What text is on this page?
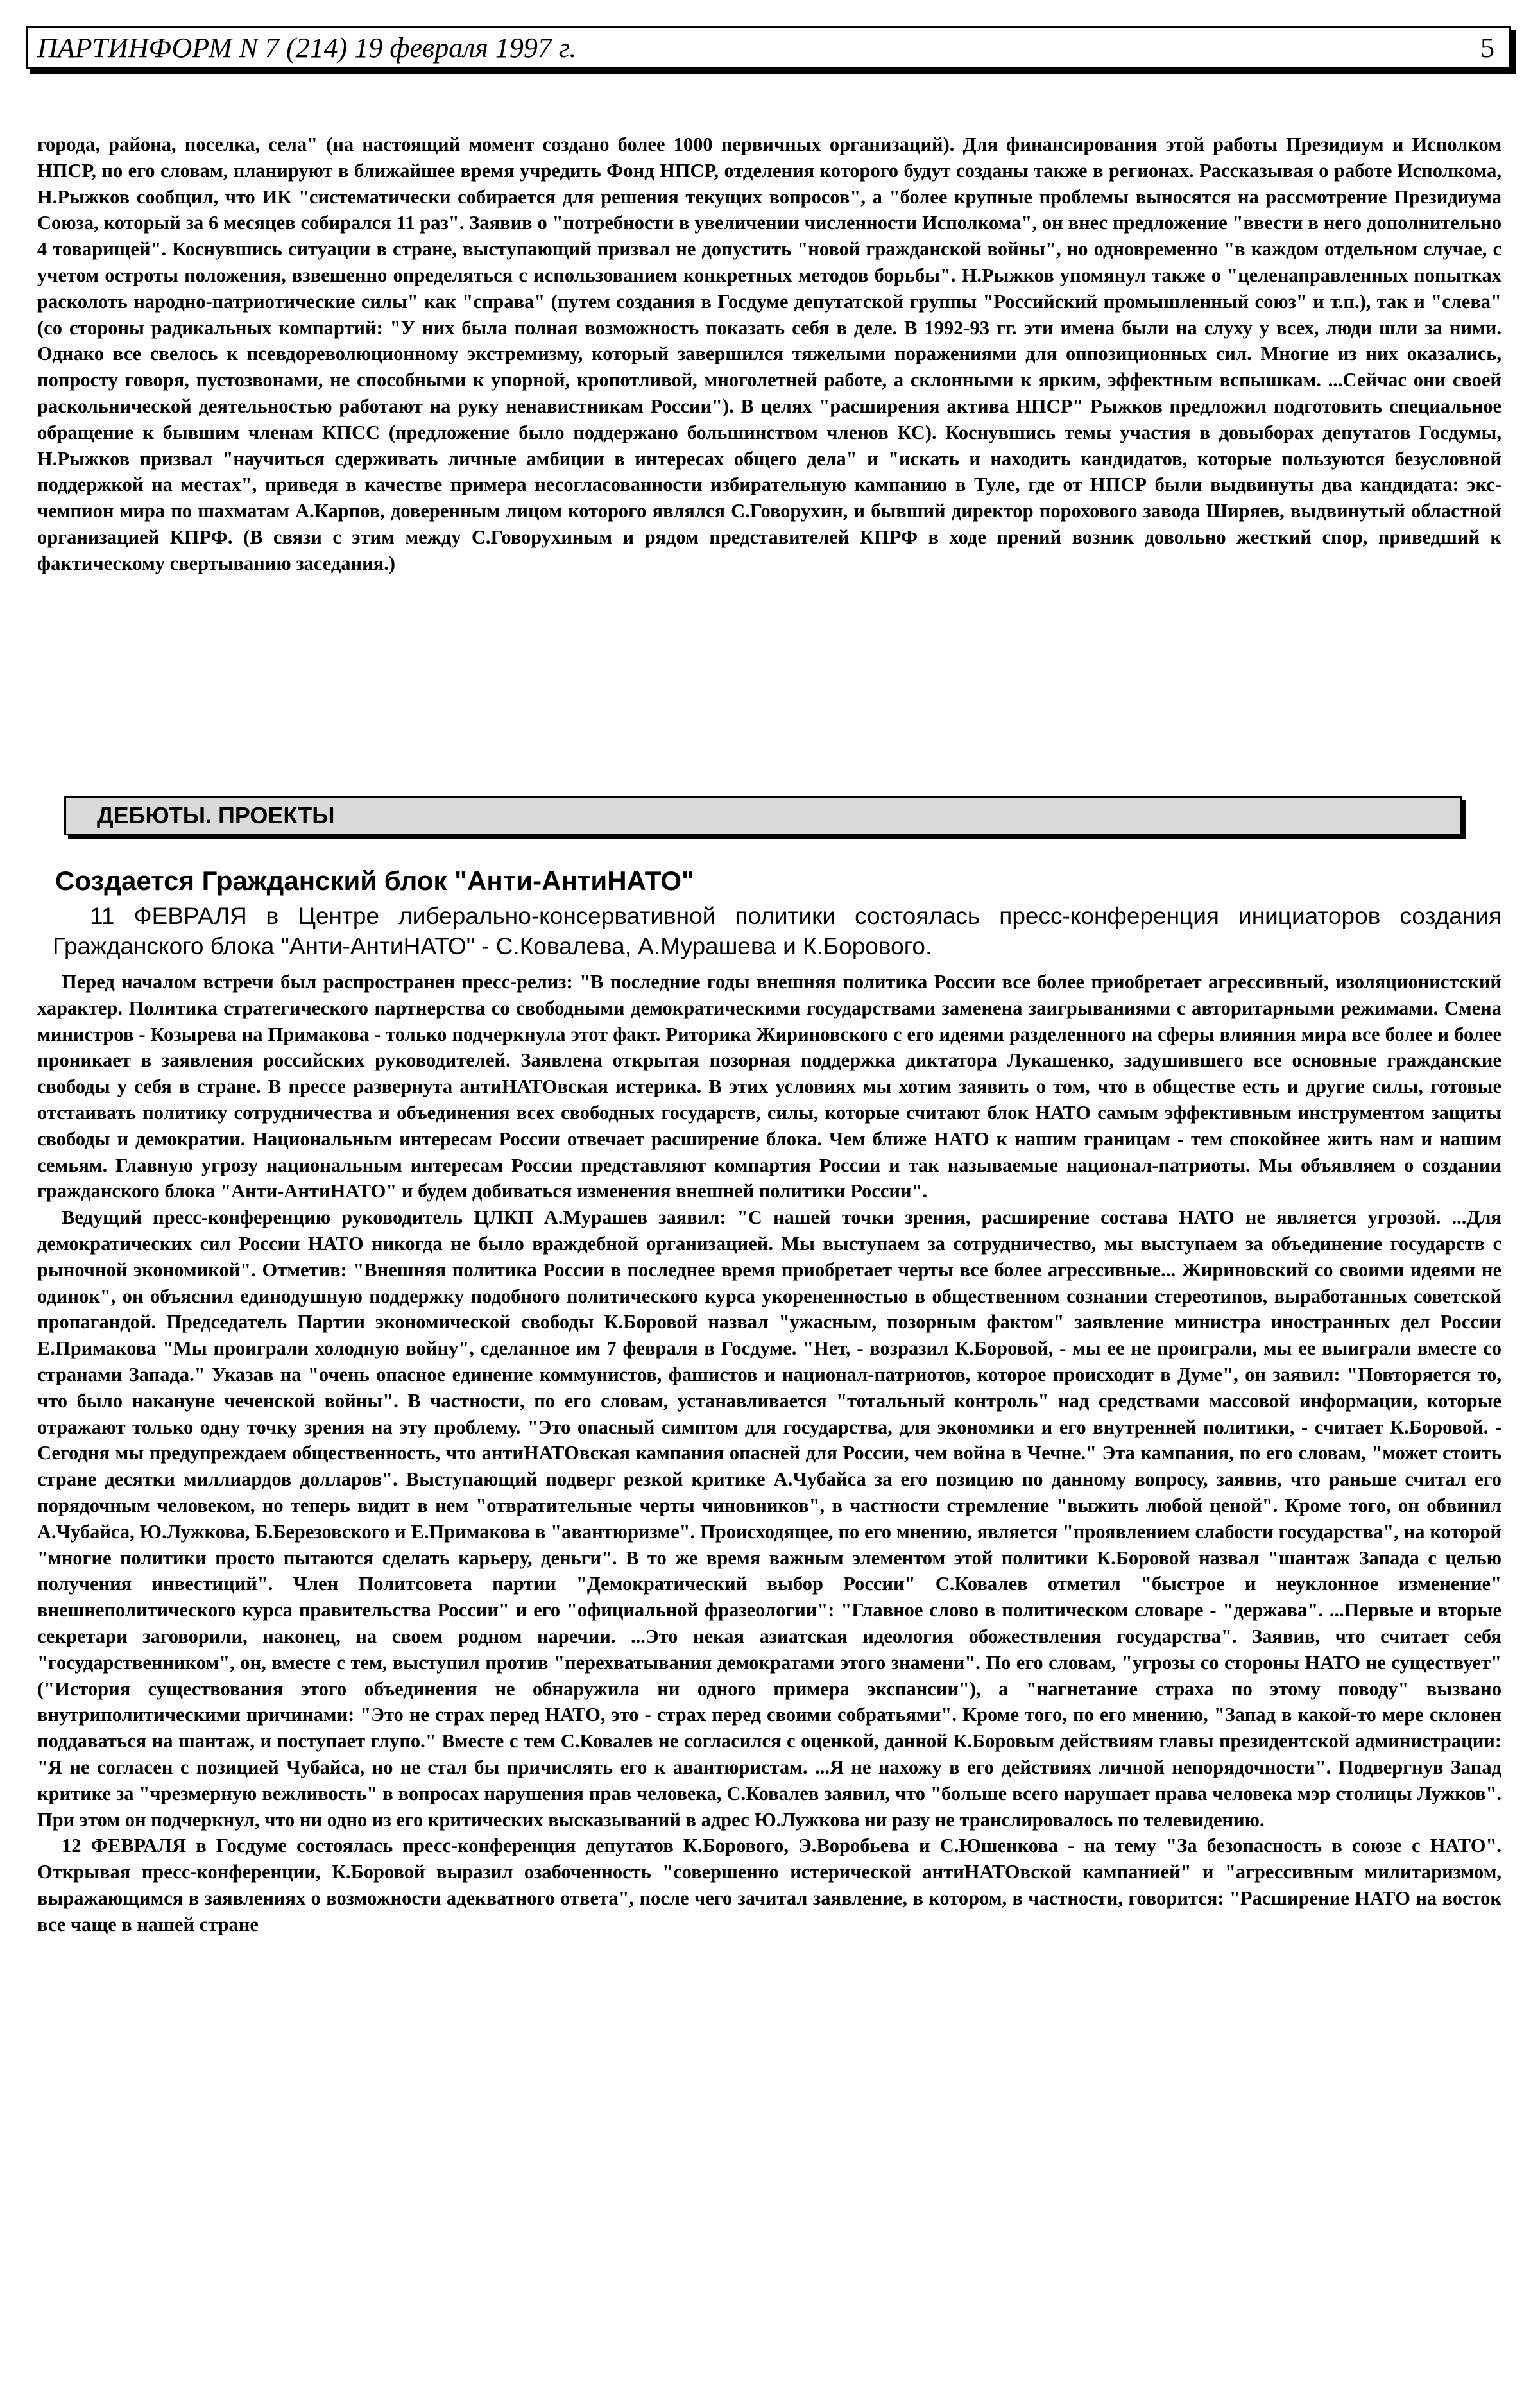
ПАРТИНФОРМ N 7 (214) 19 февраля 1997 г.	5

города, района, поселка, села" (на настоящий момент создано более 1000 первичных организаций). Для финансирования этой работы Президиум и Исполком НПСР, по его словам, планируют в ближайшее время учредить Фонд НПСР, отделения которого будут созданы также в регионах. Рассказывая о работе Исполкома, Н.Рыжков сообщил, что ИК "систематически собирается для решения текущих вопросов", а "более крупные проблемы выносятся на рассмотрение Президиума Союза, который за 6 месяцев собирался 11 раз". Заявив о "потребности в увеличении численности Исполкома", он внес предложение "ввести в него дополнительно 4 товарищей". Коснувшись ситуации в стране, выступающий призвал не допустить "новой гражданской войны", но одновременно "в каждом отдельном случае, с учетом остроты положения, взвешенно определяться с использованием конкретных методов борьбы". Н.Рыжков упомянул также о "целенаправленных попытках расколоть народно-патриотические силы" как "справа" (путем создания в Госдуме депутатской группы "Российский промышленный союз" и т.п.), так и "слева" (со стороны радикальных компартий: "У них была полная возможность показать себя в деле. В 1992-93 гг. эти имена были на слуху у всех, люди шли за ними. Однако все свелось к псевдореволюционному экстремизму, который завершился тяжелыми поражениями для оппозиционных сил. Многие из них оказались, попросту говоря, пустозвонами, не способными к упорной, кропотливой, многолетней работе, а склонными к ярким, эффектным вспышкам. ...Сейчас они своей раскольнической деятельностью работают на руку ненавистникам России"). В целях "расширения актива НПСР" Рыжков предложил подготовить специальное обращение к бывшим членам КПСС (предложение было поддержано большинством членов КС). Коснувшись темы участия в довыборах депутатов Госдумы, Н.Рыжков призвал "научиться сдерживать личные амбиции в интересах общего дела" и "искать и находить кандидатов, которые пользуются безусловной поддержкой на местах", приведя в качестве примера несогласованности избирательную кампанию в Туле, где от НПСР были выдвинуты два кандидата: экс-чемпион мира по шахматам А.Карпов, доверенным лицом которого являлся С.Говорухин, и бывший директор порохового завода Ширяев, выдвинутый областной организацией КПРФ. (В связи с этим между С.Говорухиным и рядом представителей КПРФ в ходе прений возник довольно жесткий спор, приведший к фактическому свертыванию заседания.)

ДЕБЮТЫ. ПРОЕКТЫ
Создается Гражданский блок "Анти-АнтиНАТО"
11 ФЕВРАЛЯ в Центре либерально-консервативной политики состоялась пресс-конференция инициаторов создания Гражданского блока "Анти-АнтиНАТО" - С.Ковалева, А.Мурашева и К.Борового.

Перед началом встречи был распространен пресс-релиз: "В последние годы внешняя политика России все более приобретает агрессивный, изоляционистский характер. Политика стратегического партнерства со свободными демократическими государствами заменена заигрываниями с авторитарными режимами. Смена министров - Козырева на Примакова - только подчеркнула этот факт. Риторика Жириновского с его идеями разделенного на сферы влияния мира все более и более проникает в заявления российских руководителей. Заявлена открытая позорная поддержка диктатора Лукашенко, задушившего все основные гражданские свободы у себя в стране. В прессе развернута антиНАТОвская истерика. В этих условиях мы хотим заявить о том, что в обществе есть и другие силы, готовые отстаивать политику сотрудничества и объединения всех свободных государств, силы, которые считают блок НАТО самым эффективным инструментом защиты свободы и демократии. Национальным интересам России отвечает расширение блока. Чем ближе НАТО к нашим границам - тем спокойнее жить нам и нашим семьям. Главную угрозу национальным интересам России представляют компартия России и так называемые национал-патриоты. Мы объявляем о создании гражданского блока "Анти-АнтиНАТО" и будем добиваться изменения внешней политики России".

Ведущий пресс-конференцию руководитель ЦЛКП А.Мурашев заявил: "С нашей точки зрения, расширение состава НАТО не является угрозой. ...Для демократических сил России НАТО никогда не было враждебной организацией. Мы выступаем за сотрудничество, мы выступаем за объединение государств с рыночной экономикой". Отметив: "Внешняя политика России в последнее время приобретает черты все более агрессивные... Жириновский со своими идеями не одинок", он объяснил единодушную поддержку подобного политического курса укорененностью в общественном сознании стереотипов, выработанных советской пропагандой. Председатель Партии экономической свободы К.Боровой назвал "ужасным, позорным фактом" заявление министра иностранных дел России Е.Примакова "Мы проиграли холодную войну", сделанное им 7 февраля в Госдуме. "Нет, - возразил К.Боровой, - мы ее не проиграли, мы ее выиграли вместе со странами Запада." Указав на "очень опасное единение коммунистов, фашистов и национал-патриотов, которое происходит в Думе", он заявил: "Повторяется то, что было накануне чеченской войны". В частности, по его словам, устанавливается "тотальный контроль" над средствами массовой информации, которые отражают только одну точку зрения на эту проблему. "Это опасный симптом для государства, для экономики и его внутренней политики, - считает К.Боровой. - Сегодня мы предупреждаем общественность, что антиНАТОвская кампания опасней для России, чем война в Чечне." Эта кампания, по его словам, "может стоить стране десятки миллиардов долларов". Выступающий подверг резкой критике А.Чубайса за его позицию по данному вопросу, заявив, что раньше считал его порядочным человеком, но теперь видит в нем "отвратительные черты чиновников", в частности стремление "выжить любой ценой". Кроме того, он обвинил А.Чубайса, Ю.Лужкова, Б.Березовского и Е.Примакова в "авантюризме". Происходящее, по его мнению, является "проявлением слабости государства", на которой "многие политики просто пытаются сделать карьеру, деньги". В то же время важным элементом этой политики К.Боровой назвал "шантаж Запада с целью получения инвестиций". Член Политсовета партии "Демократический выбор России" С.Ковалев отметил "быстрое и неуклонное изменение" внешнеполитического курса правительства России" и его "официальной фразеологии": "Главное слово в политическом словаре - "держава". ...Первые и вторые секретари заговорили, наконец, на своем родном наречии. ...Это некая азиатская идеология обожествления государства". Заявив, что считает себя "государственником", он, вместе с тем, выступил против "перехватывания демократами этого знамени". По его словам, "угрозы со стороны НАТО не существует" ("История существования этого объединения не обнаружила ни одного примера экспансии"), а "нагнетание страха по этому поводу" вызвано внутриполитическими причинами: "Это не страх перед НАТО, это - страх перед своими собратьями". Кроме того, по его мнению, "Запад в какой-то мере склонен поддаваться на шантаж, и поступает глупо." Вместе с тем С.Ковалев не согласился с оценкой, данной К.Боровым действиям главы президентской администрации: "Я не согласен с позицией Чубайса, но не стал бы причислять его к авантюристам. ...Я не нахожу в его действиях личной непорядочности". Подвергнув Запад критике за "чрезмерную вежливость" в вопросах нарушения прав человека, С.Ковалев заявил, что "больше всего нарушает права человека мэр столицы Лужков". При этом он подчеркнул, что ни одно из его критических высказываний в адрес Ю.Лужкова ни разу не транслировалось по телевидению.

12 ФЕВРАЛЯ в Госдуме состоялась пресс-конференция депутатов К.Борового, Э.Воробьева и С.Юшенкова - на тему "За безопасность в союзе с НАТО". Открывая пресс-конференции, К.Боровой выразил озабоченность "совершенно истерической антиНАТОвской кампанией" и "агрессивным милитаризмом, выражающимся в заявлениях о возможности адекватного ответа", после чего зачитал заявление, в котором, в частности, говорится: "Расширение НАТО на восток все чаще в нашей стране
